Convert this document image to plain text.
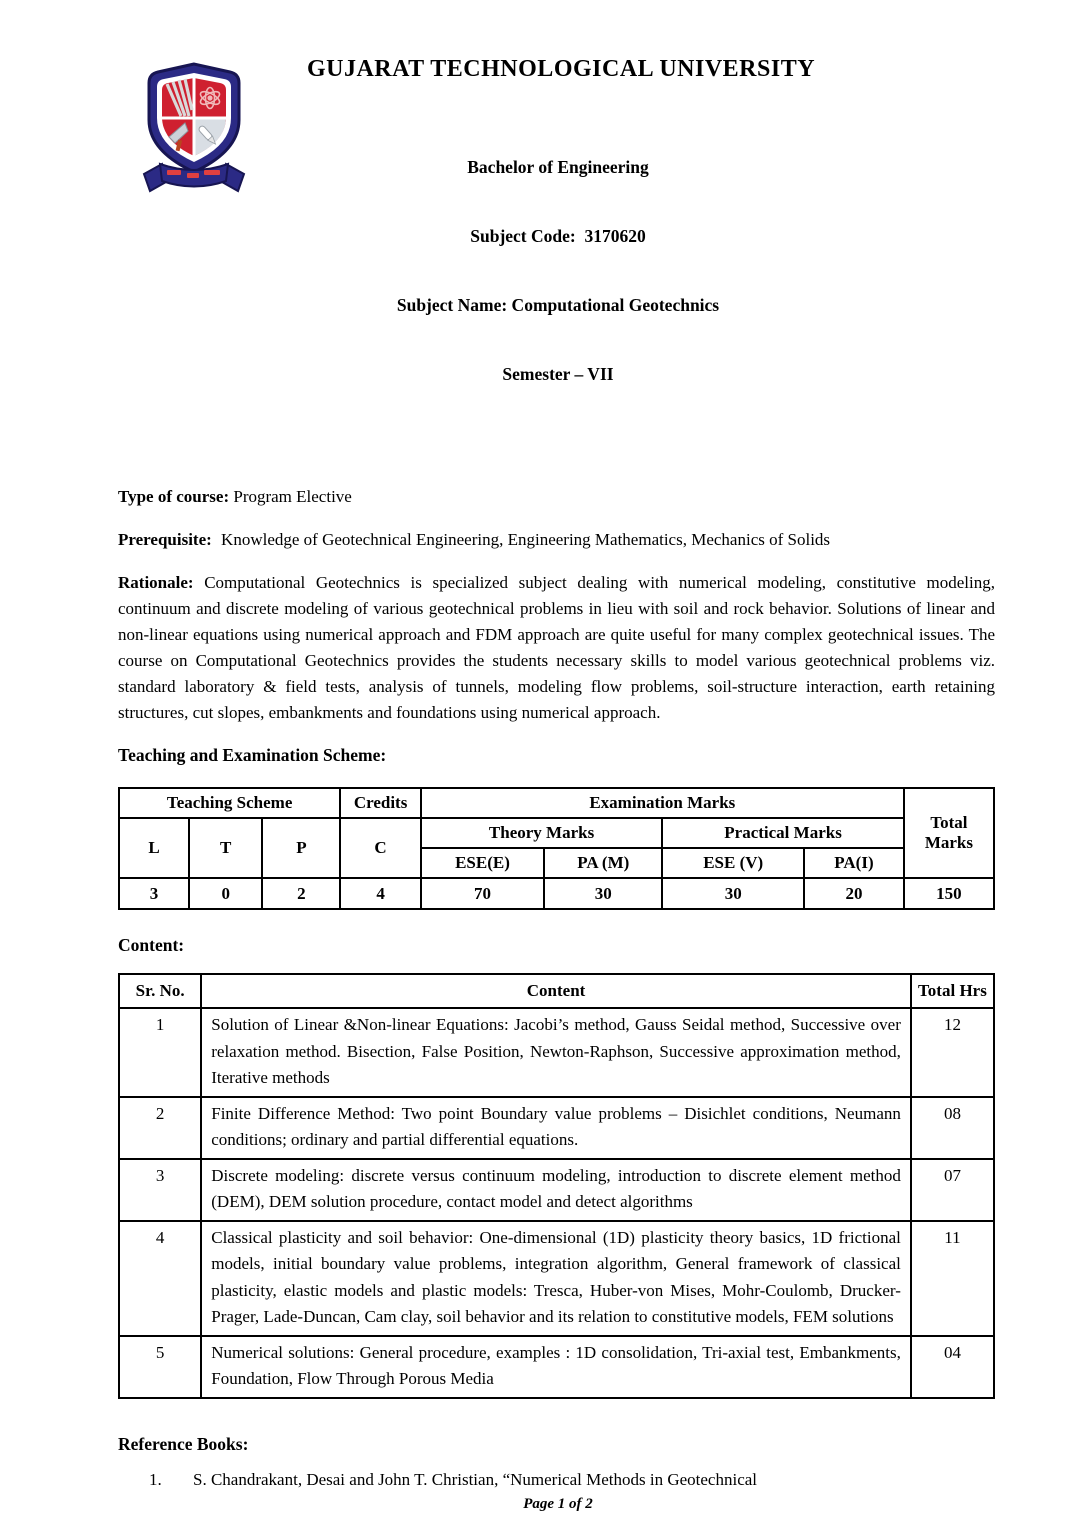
GUJARAT TECHNOLOGICAL UNIVERSITY

Bachelor of Engineering

Subject Code:  3170620

Subject Name: Computational Geotechnics

Semester – VII

Type of course: Program Elective
Prerequisite: Knowledge of Geotechnical Engineering, Engineering Mathematics, Mechanics of Solids
Rationale: Computational Geotechnics is specialized subject dealing with numerical modeling, constitutive modeling, continuum and discrete modeling of various geotechnical problems in lieu with soil and rock behavior. Solutions of linear and non-linear equations using numerical approach and FDM approach are quite useful for many complex geotechnical issues. The course on Computational Geotechnics provides the students necessary skills to model various geotechnical problems viz. standard laboratory & field tests, analysis of tunnels, modeling flow problems, soil-structure interaction, earth retaining structures, cut slopes, embankments and foundations using numerical approach.
Teaching and Examination Scheme:
Teaching Scheme			Credits	Examination Marks				Total Marks
L	T	P	C	Theory Marks		Practical Marks		
				ESE(E)	PA (M)	ESE (V)	PA(I)	
3	0	2	4	70	30	30	20	150
Content:
Sr. No.	Content	Total Hrs
1	Solution of Linear &Non-linear Equations: Jacobi’s method, Gauss Seidal method, Successive over relaxation method. Bisection, False Position, Newton-Raphson, Successive approximation method, Iterative methods	12
2	Finite Difference Method: Two point Boundary value problems – Disichlet conditions, Neumann conditions; ordinary and partial differential equations.	08
3	Discrete modeling: discrete versus continuum modeling, introduction to discrete element method (DEM), DEM solution procedure, contact model and detect algorithms	07
4	Classical plasticity and soil behavior: One-dimensional (1D) plasticity theory basics, 1D frictional models, initial boundary value problems, integration algorithm, General framework of classical plasticity, elastic models and plastic models: Tresca, Huber-von Mises, Mohr-Coulomb, Drucker-Prager, Lade-Duncan, Cam clay, soil behavior and its relation to constitutive models, FEM solutions	11
5	Numerical solutions: General procedure, examples : 1D consolidation, Tri-axial test, Embankments, Foundation, Flow Through Porous Media	04
Reference Books:
1.	S. Chandrakant, Desai and John T. Christian, “Numerical Methods in Geotechnical
Page 1 of 2
